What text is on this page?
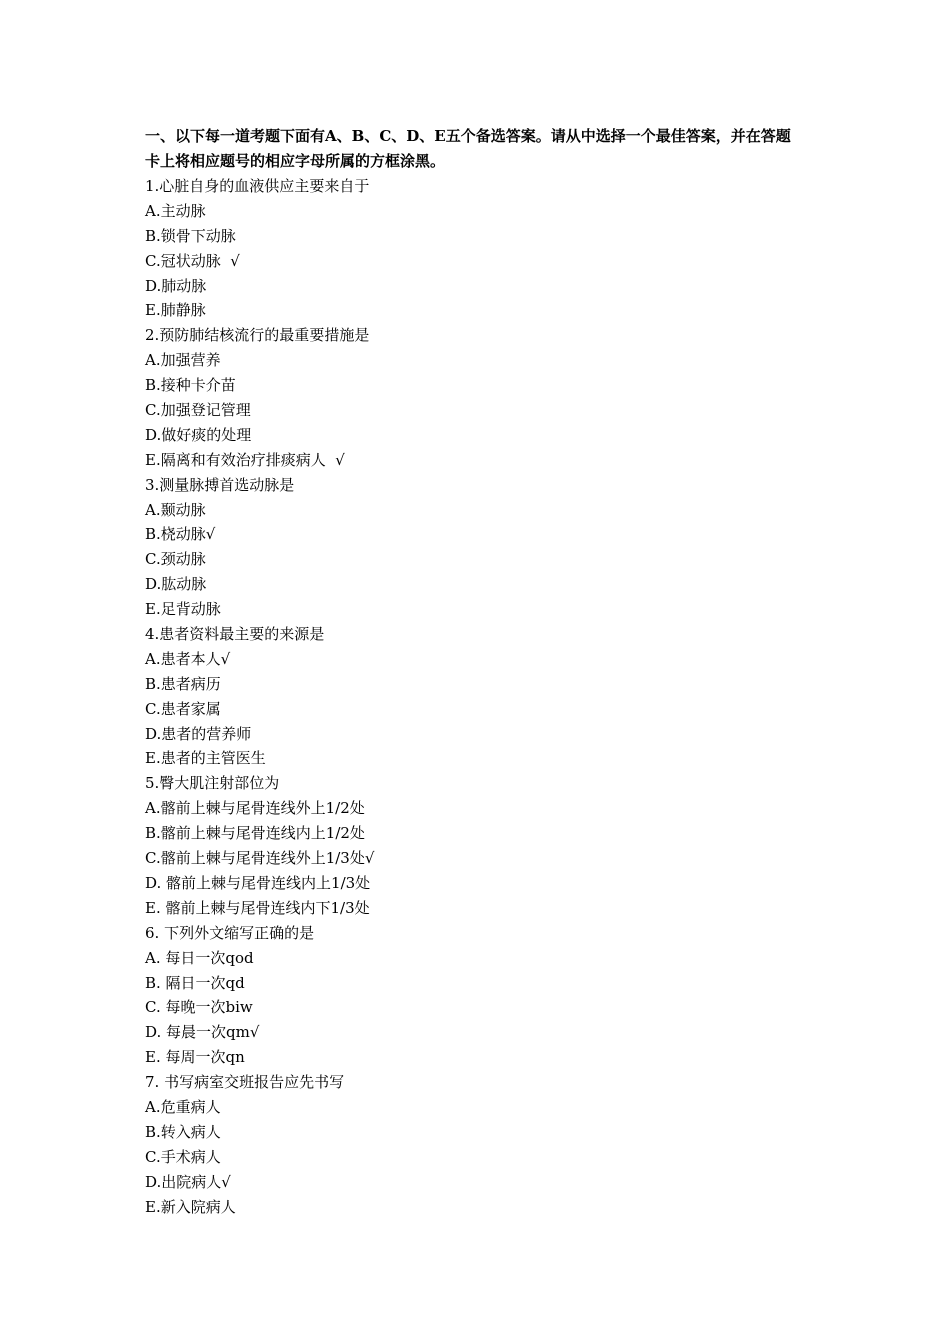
一、以下每一道考题下面有A、B、C、D、E五个备选答案。请从中选择一个最佳答案，并在答题
卡上将相应题号的相应字母所属的方框涂黑。

1.心脏自身的血液供应主要来自于
A.主动脉
B.锁骨下动脉
C.冠状动脉  √
D.肺动脉
E.肺静脉
2.预防肺结核流行的最重要措施是
A.加强营养
B.接种卡介苗
C.加强登记管理
D.做好痰的处理
E.隔离和有效治疗排痰病人  √
3.测量脉搏首选动脉是
A.颞动脉
B.桡动脉√
C.颈动脉
D.肱动脉
E.足背动脉
4.患者资料最主要的来源是
A.患者本人√
B.患者病历
C.患者家属
D.患者的营养师
E.患者的主管医生
5.臀大肌注射部位为
A.髂前上棘与尾骨连线外上1/2处
B.髂前上棘与尾骨连线内上1/2处
C.髂前上棘与尾骨连线外上1/3处√
D. 髂前上棘与尾骨连线内上1/3处
E. 髂前上棘与尾骨连线内下1/3处
6. 下列外文缩写正确的是
A. 每日一次qod
B. 隔日一次qd
C. 每晚一次biw
D. 每晨一次qm√
E. 每周一次qn
7. 书写病室交班报告应先书写
A.危重病人
B.转入病人
C.手术病人
D.出院病人√
E.新入院病人
